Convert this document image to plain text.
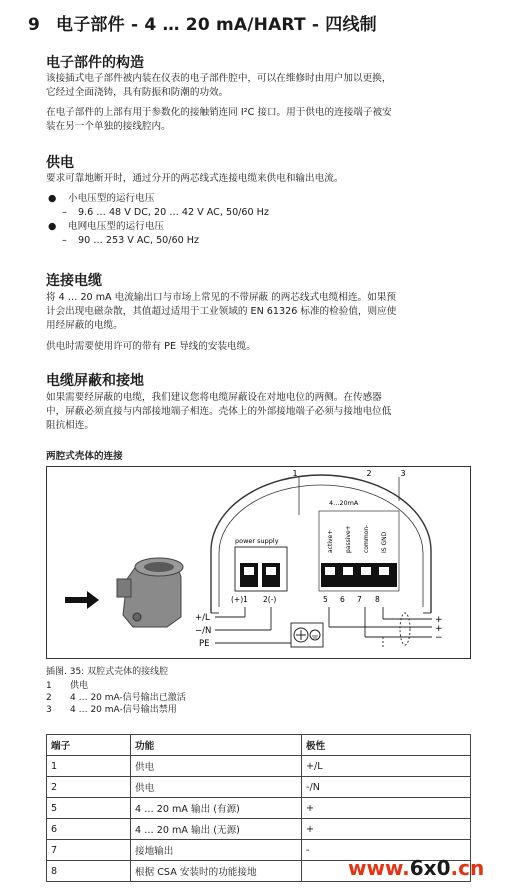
9 电子部件 - 4 … 20 mA/HART - 四线制
电子部件的构造
该接插式电子部件被内装在仪表的电子部件腔中，可以在维修时由用户加以更换，
它经过全面浇铸，具有防振和防潮的功效。
在电子部件的上部有用于参数化的接触销连同 I²C 接口。用于供电的连接端子被安
装在另一个单独的接线腔内。
供电
要求可靠地断开时，通过分开的两芯线式连接电缆来供电和输出电流。
● 小电压型的运行电压
– 9.6 … 48 V DC, 20 … 42 V AC, 50/60 Hz
● 电网电压型的运行电压
– 90 … 253 V AC, 50/60 Hz
连接电缆
将 4 … 20 mA 电流输出口与市场上常见的不带屏蔽 的两芯线式电缆相连。如果预
计会出现电磁杂散，其值超过适用于工业领域的 EN 61326 标准的检验值，则应使
用经屏蔽的电缆。
供电时需要使用许可的带有 PE 导线的安装电缆。
电缆屏蔽和接地
如果需要经屏蔽的电缆，我们建议您将电缆屏蔽设在对地电位的两侧。在传感器
中，屏蔽必须直接与内部接地端子相连。壳体上的外部接地端子必须与接地电位低
阻抗相连。
两腔式壳体的连接
1	2	3
power supply
(+)1 2(-)
4...20mA
active+ passive+ common- IS GND
5 6 7 8
+/L
−/N
PE
+
+
−
插图. 35: 双腔式壳体的接线腔
1 供电
2 4 … 20 mA-信号输出已激活
3 4 … 20 mA-信号输出禁用
端子	功能	极性
1	供电	+/L
2	供电	-/N
5	4 … 20 mA 输出 (有源)	+
6	4 … 20 mA 输出 (无源)	+
7	接地输出	-
8	根据 CSA 安装时的功能接地		www.6x0.cn
